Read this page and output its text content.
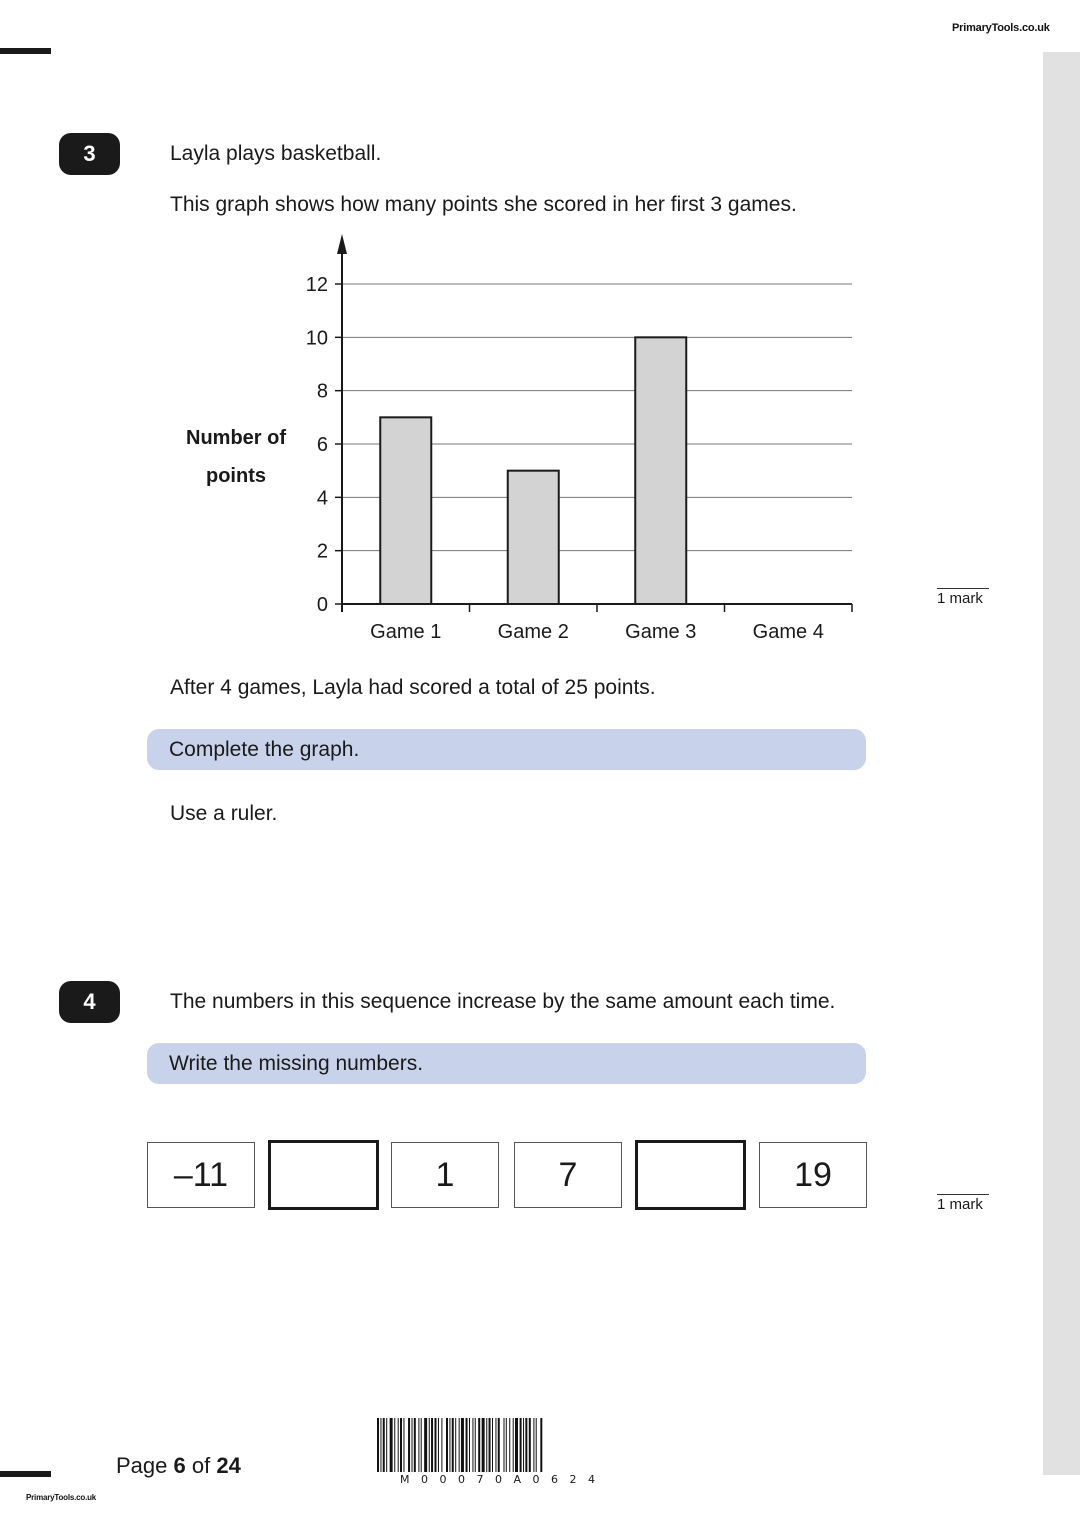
PrimaryTools.co.uk
3	Layla plays basketball.
This graph shows how many points she scored in her first 3 games.
Number of
points
0
2
4
6
8
10
12
Game 1	Game 2	Game 3	Game 4
1 mark
After 4 games, Layla had scored a total of 25 points.
Complete the graph.
Use a ruler.
4	The numbers in this sequence increase by the same amount each time.
Write the missing numbers.
–11	1	7	19
1 mark
Page 6 of 24
M00070A0624
PrimaryTools.co.uk
